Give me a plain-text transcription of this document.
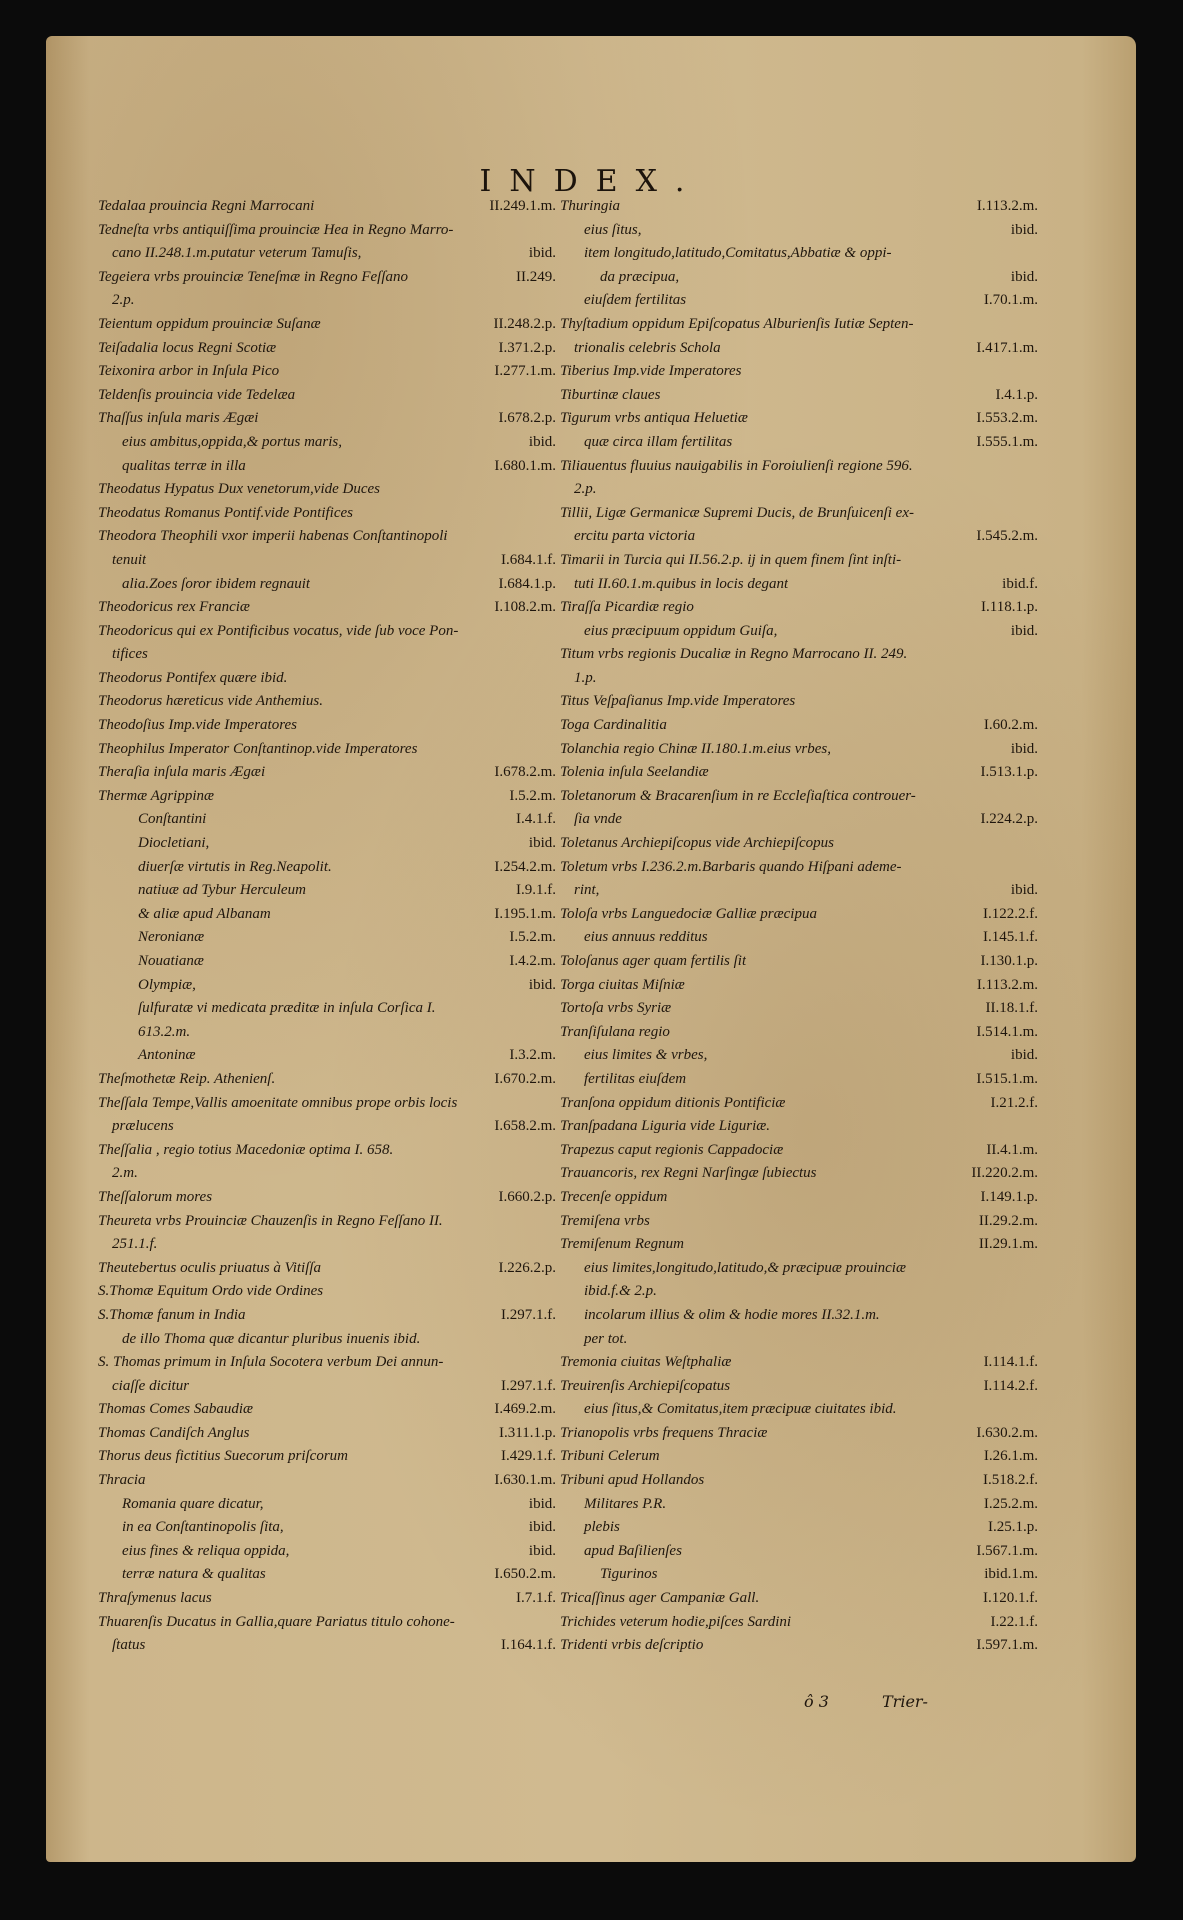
INDEX.
Tedalaa prouincia Regni Marrocani	II.249.1.m.
Tedneſta vrbs antiquiſſima prouinciæ Hea in Regno Marro-
cano II.248.1.m.putatur veterum Tamuſis,	ibid.
Tegeiera vrbs prouinciæ Teneſmæ in Regno Feſſano	II.249.
2.p.
Teientum oppidum prouinciæ Suſanæ	II.248.2.p.
Teiſadalia locus Regni Scotiæ	I.371.2.p.
Teixonira arbor in Inſula Pico	I.277.1.m.
Teldenſis prouincia vide Tedelæa
Thaſſus inſula maris Ægæi	I.678.2.p.
eius ambitus,oppida,& portus maris,	ibid.
qualitas terræ in illa	I.680.1.m.
Theodatus Hypatus Dux venetorum,vide Duces
Theodatus Romanus Pontif.vide Pontifices
Theodora Theophili vxor imperii habenas Conſtantinopoli
tenuit	I.684.1.f.
alia.Zoes ſoror ibidem regnauit	I.684.1.p.
Theodoricus rex Franciæ	I.108.2.m.
Theodoricus qui ex Pontificibus vocatus, vide ſub voce Pon-
tifices
Theodorus Pontifex quære ibid.
Theodorus hæreticus vide Anthemius.
Theodoſius Imp.vide Imperatores
Theophilus Imperator Conſtantinop.vide Imperatores
Theraſia inſula maris Ægæi	I.678.2.m.
Thermæ Agrippinæ	I.5.2.m.
Conſtantini	I.4.1.f.
Diocletiani,	ibid.
diuerſæ virtutis in Reg.Neapolit.	I.254.2.m.
natiuæ ad Tybur Herculeum	I.9.1.f.
& aliæ apud Albanam	I.195.1.m.
Neronianæ	I.5.2.m.
Nouatianæ	I.4.2.m.
Olympiæ,	ibid.
ſulfuratæ vi medicata præditæ in inſula Corſica I.
613.2.m.
Antoninæ	I.3.2.m.
Theſmothetæ Reip. Athenienſ.	I.670.2.m.
Theſſala Tempe,Vallis amoenitate omnibus prope orbis locis
prælucens	I.658.2.m.
Theſſalia , regio totius Macedoniæ optima I. 658.
2.m.
Theſſalorum mores	I.660.2.p.
Theureta vrbs Prouinciæ Chauzenſis in Regno Feſſano II.
251.1.f.
Theutebertus oculis priuatus à Vitiſſa	I.226.2.p.
S.Thomæ Equitum Ordo vide Ordines
S.Thomæ fanum in India	I.297.1.f.
de illo Thoma quæ dicantur pluribus inuenis ibid.
S. Thomas primum in Inſula Socotera verbum Dei annun-
ciaſſe dicitur	I.297.1.f.
Thomas Comes Sabaudiæ	I.469.2.m.
Thomas Candiſch Anglus	I.311.1.p.
Thorus deus fictitius Suecorum priſcorum	I.429.1.f.
Thracia	I.630.1.m.
Romania quare dicatur,	ibid.
in ea Conſtantinopolis ſita,	ibid.
eius fines & reliqua oppida,	ibid.
terræ natura & qualitas	I.650.2.m.
Thraſymenus lacus	I.7.1.f.
Thuarenſis Ducatus in Gallia,quare Pariatus titulo cohone-
ſtatus	I.164.1.f.
Thuringia	I.113.2.m.
eius ſitus,	ibid.
item longitudo,latitudo,Comitatus,Abbatiæ & oppi-
da præcipua,	ibid.
eiuſdem fertilitas	I.70.1.m.
Thyſtadium oppidum Epiſcopatus Alburienſis Iutiæ Septen-
trionalis celebris Schola	I.417.1.m.
Tiberius Imp.vide Imperatores
Tiburtinæ claues	I.4.1.p.
Tigurum vrbs antiqua Heluetiæ	I.553.2.m.
quæ circa illam fertilitas	I.555.1.m.
Tiliauentus fluuius nauigabilis in Foroiulienſi regione 596.
2.p.
Tillii, Ligæ Germanicæ Supremi Ducis, de Brunſuicenſi ex-
ercitu parta victoria	I.545.2.m.
Timarii in Turcia qui II.56.2.p. ij in quem finem ſint inſti-
tuti II.60.1.m.quibus in locis degant	ibid.f.
Tiraſſa Picardiæ regio	I.118.1.p.
eius præcipuum oppidum Guiſa,	ibid.
Titum vrbs regionis Ducaliæ in Regno Marrocano II. 249.
1.p.
Titus Veſpaſianus Imp.vide Imperatores
Toga Cardinalitia	I.60.2.m.
Tolanchia regio Chinæ II.180.1.m.eius vrbes,	ibid.
Tolenia inſula Seelandiæ	I.513.1.p.
Toletanorum & Bracarenſium in re Eccleſiaſtica controuer-
ſia vnde	I.224.2.p.
Toletanus Archiepiſcopus vide Archiepiſcopus
Toletum vrbs I.236.2.m.Barbaris quando Hiſpani ademe-
rint,	ibid.
Toloſa vrbs Languedociæ Galliæ præcipua	I.122.2.f.
eius annuus redditus	I.145.1.f.
Toloſanus ager quam fertilis ſit	I.130.1.p.
Torga ciuitas Miſniæ	I.113.2.m.
Tortoſa vrbs Syriæ	II.18.1.f.
Tranſiſulana regio	I.514.1.m.
eius limites & vrbes,	ibid.
fertilitas eiuſdem	I.515.1.m.
Tranſona oppidum ditionis Pontificiæ	I.21.2.f.
Tranſpadana Liguria vide Liguriæ.
Trapezus caput regionis Cappadociæ	II.4.1.m.
Trauancoris, rex Regni Narſingæ ſubiectus	II.220.2.m.
Trecenſe oppidum	I.149.1.p.
Tremiſena vrbs	II.29.2.m.
Tremiſenum Regnum	II.29.1.m.
eius limites,longitudo,latitudo,& præcipuæ prouinciæ
ibid.f.& 2.p.
incolarum illius & olim & hodie mores II.32.1.m.
per tot.
Tremonia ciuitas Weſtphaliæ	I.114.1.f.
Treuirenſis Archiepiſcopatus	I.114.2.f.
eius ſitus,& Comitatus,item præcipuæ ciuitates ibid.
Trianopolis vrbs frequens Thraciæ	I.630.2.m.
Tribuni Celerum	I.26.1.m.
Tribuni apud Hollandos	I.518.2.f.
Militares P.R.	I.25.2.m.
plebis	I.25.1.p.
apud Baſilienſes	I.567.1.m.
Tigurinos	ibid.1.m.
Tricaſſinus ager Campaniæ Gall.	I.120.1.f.
Trichides veterum hodie,piſces Sardini	I.22.1.f.
Tridenti vrbis deſcriptio	I.597.1.m.
ô 3	Trier-
